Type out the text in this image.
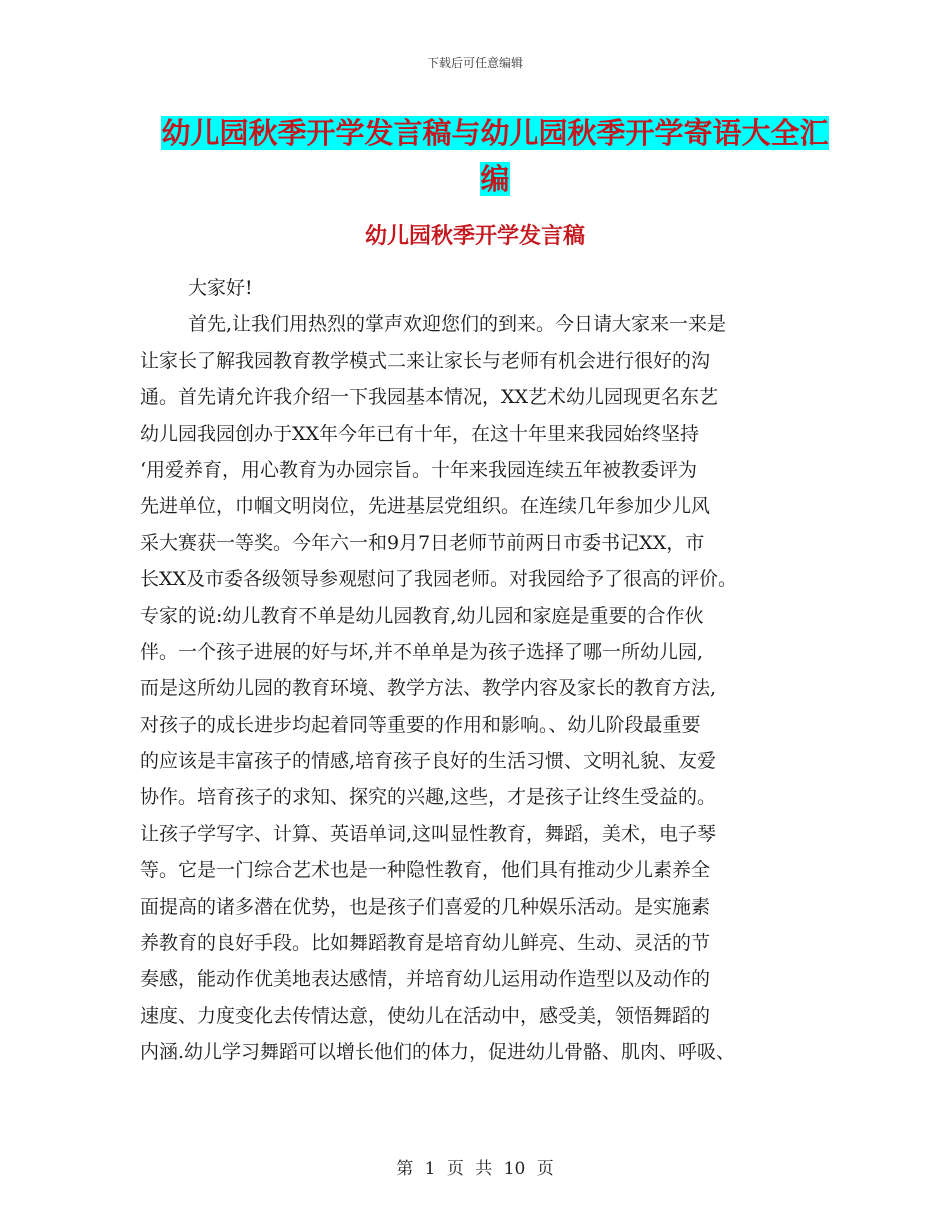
下载后可任意编辑
幼儿园秋季开学发言稿与幼儿园秋季开学寄语大全汇
编
幼儿园秋季开学发言稿
大家好!
首先,让我们用热烈的掌声欢迎您们的到来。今日请大家来一来是
让家长了解我园教育教学模式二来让家长与老师有机会进行很好的沟
通。首先请允许我介绍一下我园基本情况，XX艺术幼儿园现更名东艺
幼儿园我园创办于XX年今年已有十年，在这十年里来我园始终坚持
‘用爱养育，用心教育为办园宗旨。十年来我园连续五年被教委评为
先进单位，巾帼文明岗位，先进基层党组织。在连续几年参加少儿风
采大赛获一等奖。今年六一和9月7日老师节前两日市委书记XX，市
长XX及市委各级领导参观慰问了我园老师。对我园给予了很高的评价。
专家的说:幼儿教育不单是幼儿园教育,幼儿园和家庭是重要的合作伙
伴。一个孩子进展的好与坏,并不单单是为孩子选择了哪一所幼儿园,
而是这所幼儿园的教育环境、教学方法、教学内容及家长的教育方法,
对孩子的成长进步均起着同等重要的作用和影响。、幼儿阶段最重要
的应该是丰富孩子的情感,培育孩子良好的生活习惯、文明礼貌、友爱
协作。培育孩子的求知、探究的兴趣,这些，才是孩子让终生受益的。
让孩子学写字、计算、英语单词,这叫显性教育，舞蹈，美术，电子琴
等。它是一门综合艺术也是一种隐性教育，他们具有推动少儿素养全
面提高的诸多潜在优势，也是孩子们喜爱的几种娱乐活动。是实施素
养教育的良好手段。比如舞蹈教育是培育幼儿鲜亮、生动、灵活的节
奏感，能动作优美地表达感情，并培育幼儿运用动作造型以及动作的
速度、力度变化去传情达意，使幼儿在活动中，感受美，领悟舞蹈的
内涵.幼儿学习舞蹈可以增长他们的体力，促进幼儿骨骼、肌肉、呼吸、
第 1 页 共 10 页
